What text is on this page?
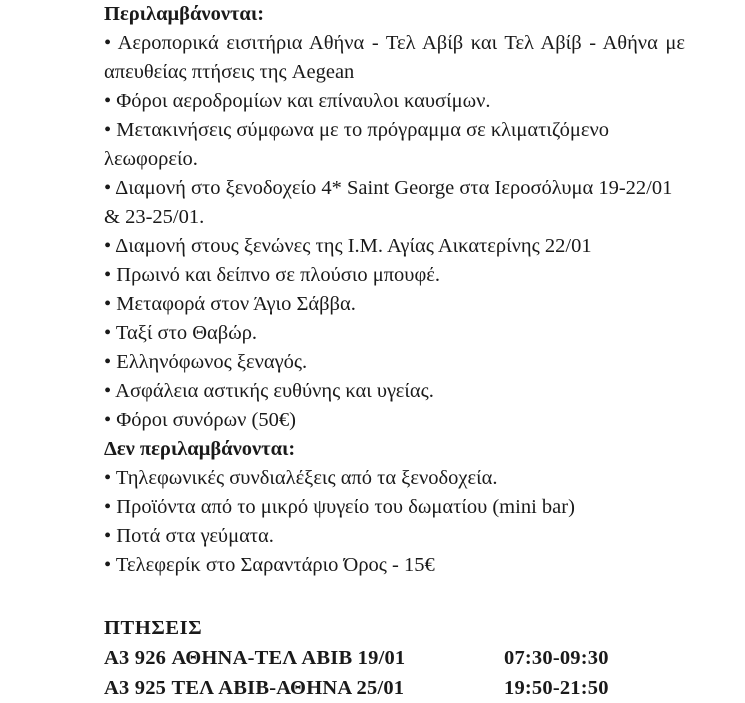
Περιλαμβάνονται:

• Αεροπορικά εισιτήρια Αθήνα - Τελ Αβίβ και Τελ Αβίβ - Αθήνα με απευθείας πτήσεις της Aegean

• Φόροι αεροδρομίων και επίναυλοι καυσίμων.

• Μετακινήσεις σύμφωνα με το πρόγραμμα σε κλιματιζόμενο λεωφορείο.

• Διαμονή στο ξενοδοχείο 4* Saint George στα Ιεροσόλυμα 19-22/01 & 23-25/01.

• Διαμονή στους ξενώνες της Ι.Μ. Αγίας Αικατερίνης 22/01

• Πρωινό και δείπνο σε πλούσιο μπουφέ.

• Μεταφορά στον Άγιο Σάββα.

• Ταξί στο Θαβώρ.

• Ελληνόφωνος ξεναγός.

• Ασφάλεια αστικής ευθύνης και υγείας.

• Φόροι συνόρων (50€)

Δεν περιλαμβάνονται:

• Τηλεφωνικές συνδιαλέξεις από τα ξενοδοχεία.

• Προϊόντα από το μικρό ψυγείο του δωματίου (mini bar)

• Ποτά στα γεύματα.

• Τελεφερίκ στο Σαραντάριο Όρος - 15€

ΠΤΗΣΕΙΣ

A3 926 ΑΘΗΝΑ-ΤΕΛ ΑΒΙΒ 19/01	07:30-09:30
A3 925 ΤΕΛ ΑΒΙΒ-ΑΘΗΝΑ 25/01	19:50-21:50
